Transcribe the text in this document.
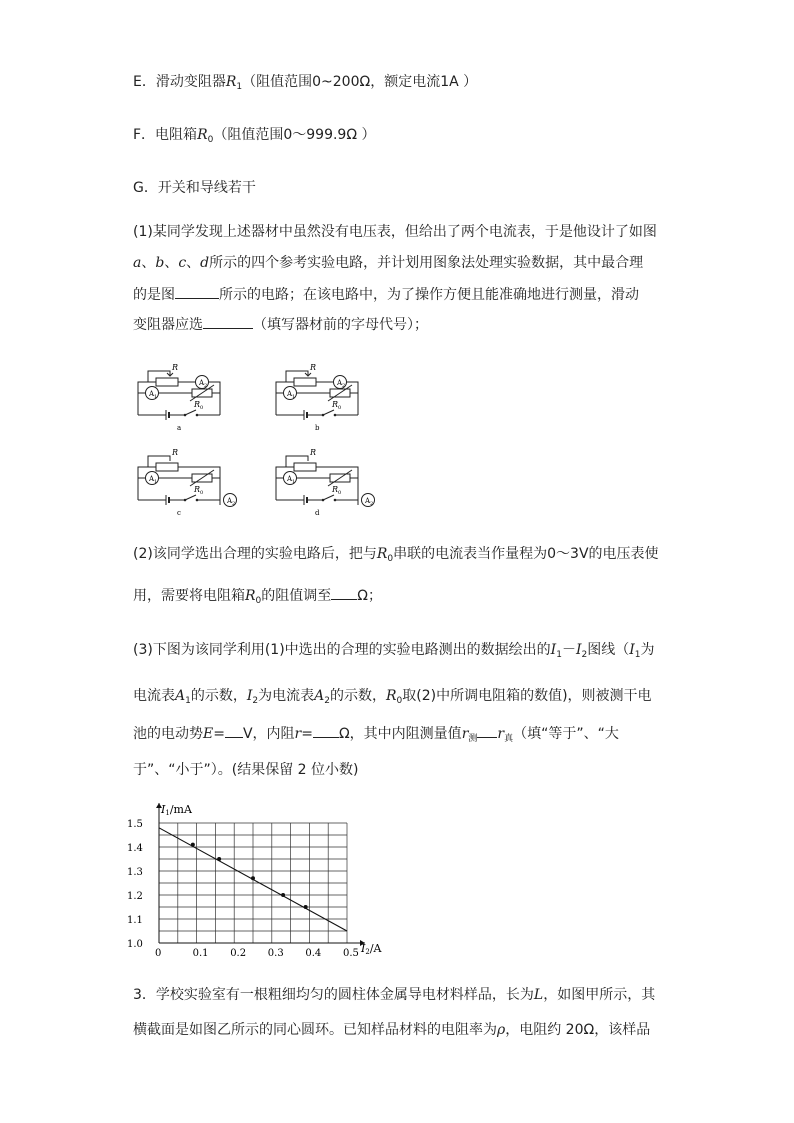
E．滑动变阻器$R_1$（阻值范围0~200Ω，额定电流1A ）
F．电阻箱$R_0$（阻值范围0～999.9Ω ）
G．开关和导线若干
(1)某同学发现上述器材中虽然没有电压表，但给出了两个电流表，于是他设计了如图
a、b、c、d所示的四个参考实验电路，并计划用图象法处理实验数据，其中最合理
的是图	所示的电路；在该电路中，为了操作方便且能准确地进行测量，滑动
变阻器应选	（填写器材前的字母代号）；
R
A 2
A 1
R 0
a
R
A 2
A 1
R 0
b
R
A 1
A 2
R 0
c
R
A 1
A 2
R 0
d
(2)该同学选出合理的实验电路后，把与$R_0$串联的电流表当作量程为0～3V的电压表使
用，需要将电阻箱$R_0$的阻值调至 Ω；
(3)下图为该同学利用(1)中选出的合理的实验电路测出的数据绘出的$I_1-I_2$图线（$I_1$为
电流表$A_1$的示数，$I_2$为电流表$A_2$的示数，$R_0$取(2)中所调电阻箱的数值)，则被测干电
池的电动势E= V，内阻r= Ω，其中内阻测量值$r_测$ $r_真$（填“等于”、“大
于”、“小于”）。(结果保留 2 位小数)
0	0.1 0.2 0.3 0.4 0.5
1.0
1.1
1.2
1.3
1.4
1.5
I1/mA
I2/A
3．学校实验室有一根粗细均匀的圆柱体金属导电材料样品，长为L，如图甲所示，其
横截面是如图乙所示的同心圆环。已知样品材料的电阻率为ρ，电阻约 20Ω，该样品
